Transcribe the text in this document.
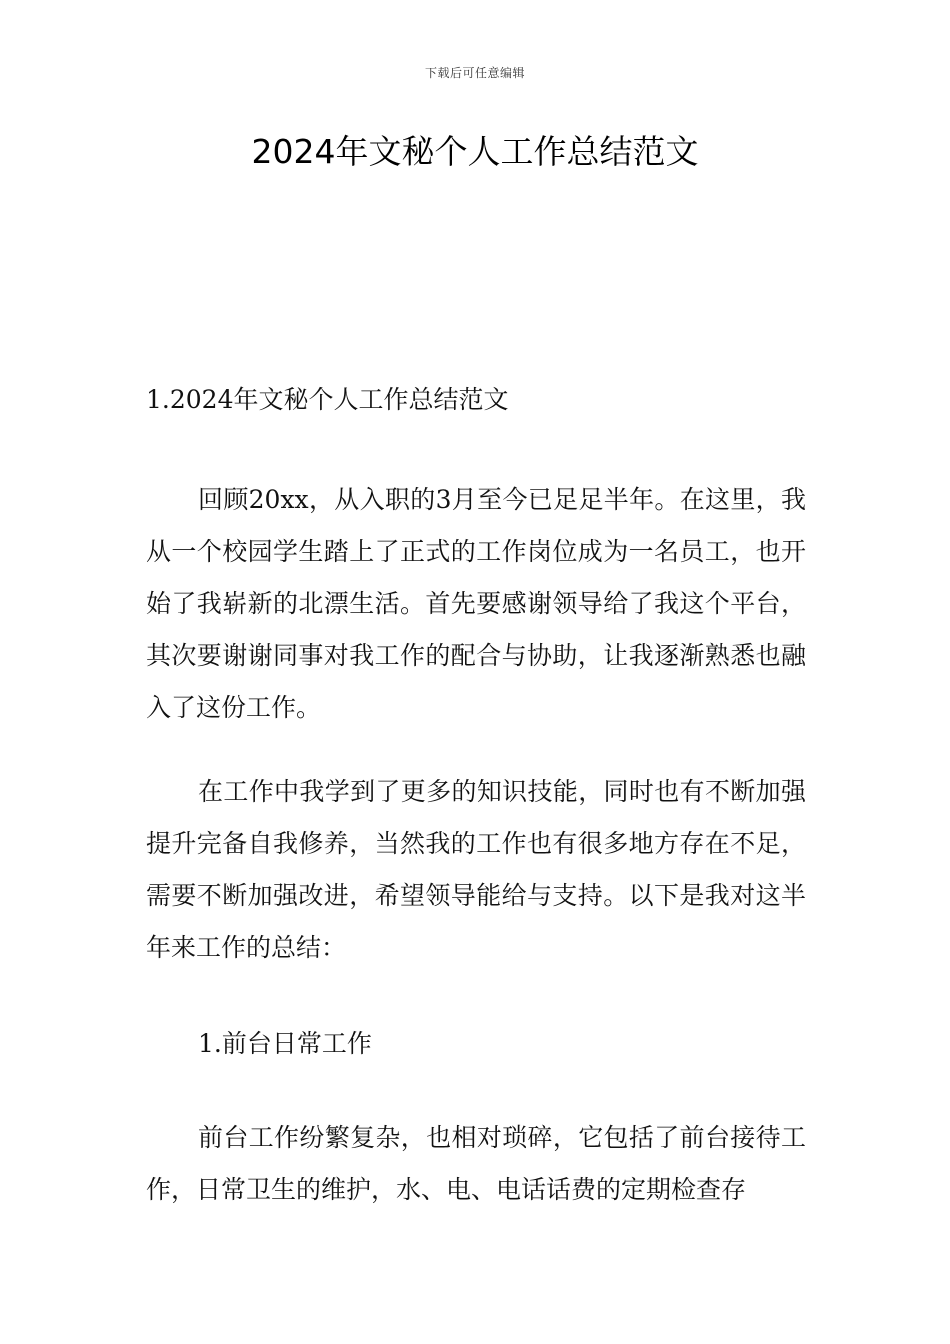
下载后可任意编辑
2024年文秘个人工作总结范文

1.2024年文秘个人工作总结范文

回顾20xx，从入职的3月至今已足足半年。在这里，我从一个校园学生踏上了正式的工作岗位成为一名员工，也开始了我崭新的北漂生活。首先要感谢领导给了我这个平台，其次要谢谢同事对我工作的配合与协助，让我逐渐熟悉也融入了这份工作。

在工作中我学到了更多的知识技能，同时也有不断加强提升完备自我修养，当然我的工作也有很多地方存在不足，需要不断加强改进，希望领导能给与支持。以下是我对这半年来工作的总结：

1.前台日常工作

前台工作纷繁复杂，也相对琐碎，它包括了前台接待工作，日常卫生的维护，水、电、电话话费的定期检查存
